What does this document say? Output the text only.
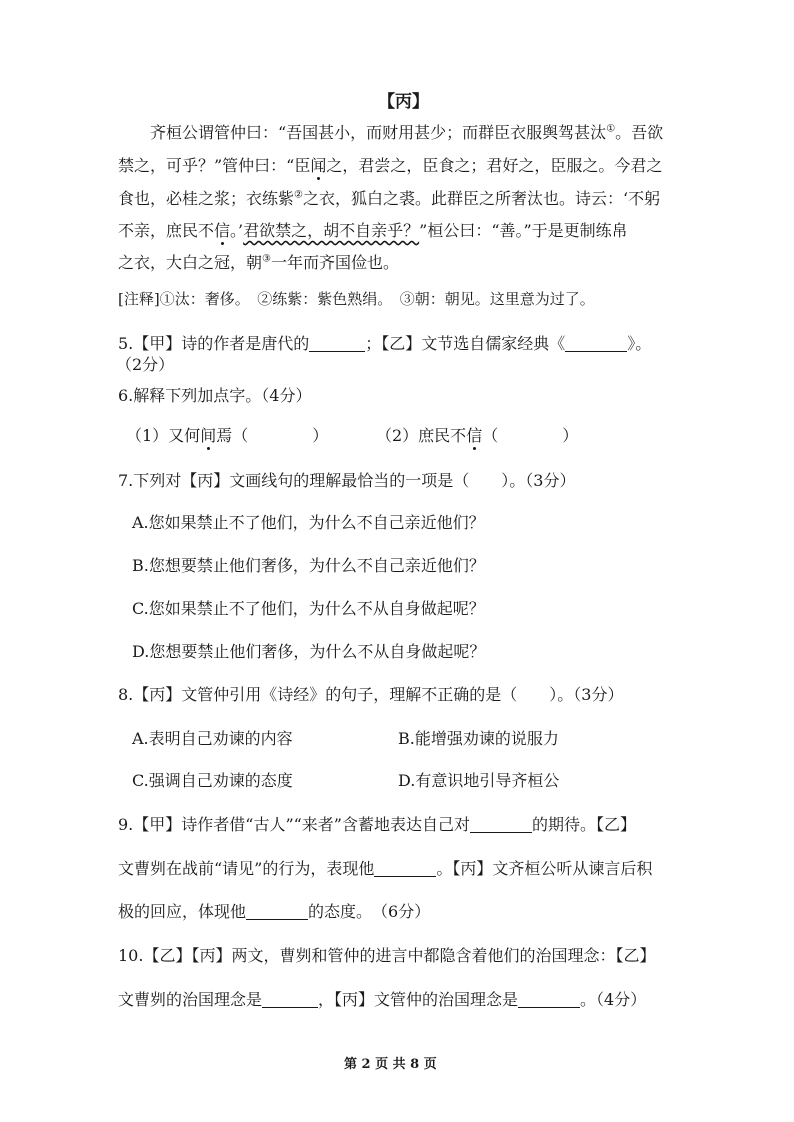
【丙】
齐桓公谓管仲曰：“吾国甚小，而财用甚少；而群臣衣服舆驾甚汰①。吾欲
禁之，可乎？”管仲曰：“臣闻之，君尝之，臣食之；君好之，臣服之。今君之
食也，必桂之浆；衣练紫②之衣，狐白之裘。此群臣之所奢汰也。诗云：‘不躬
不亲，庶民不信。’君欲禁之，胡不自亲乎？”桓公曰：“善。”于是更制练帛
之衣，大白之冠，朝③一年而齐国俭也。
[注释]①汰：奢侈。　②练紫：紫色熟绢。　③朝：朝见。这里意为过了。
5.【甲】诗的作者是唐代的	；【乙】文节选自儒家经典《	》。
（2分）
6.解释下列加点字。（4分）
（1）又何间焉（　　　　）	（2）庶民不信（　　　　）
7.下列对【丙】文画线句的理解最恰当的一项是（　　）。（3分）
A.您如果禁止不了他们，为什么不自己亲近他们？
B.您想要禁止他们奢侈，为什么不自己亲近他们？
C.您如果禁止不了他们，为什么不从自身做起呢？
D.您想要禁止他们奢侈，为什么不从自身做起呢？
8.【丙】文管仲引用《诗经》的句子，理解不正确的是（　　）。（3分）
A.表明自己劝谏的内容	B.能增强劝谏的说服力
C.强调自己劝谏的态度	D.有意识地引导齐桓公
9.【甲】诗作者借“古人”“来者”含蓄地表达自己对	的期待。【乙】
文曹刿在战前“请见”的行为，表现他	。【丙】文齐桓公听从谏言后积
极的回应，体现他	的态度。　（6分）
10.【乙】【丙】两文，曹刿和管仲的进言中都隐含着他们的治国理念：【乙】
文曹刿的治国理念是	，【丙】文管仲的治国理念是	。（4分）
第 2 页 共 8 页
